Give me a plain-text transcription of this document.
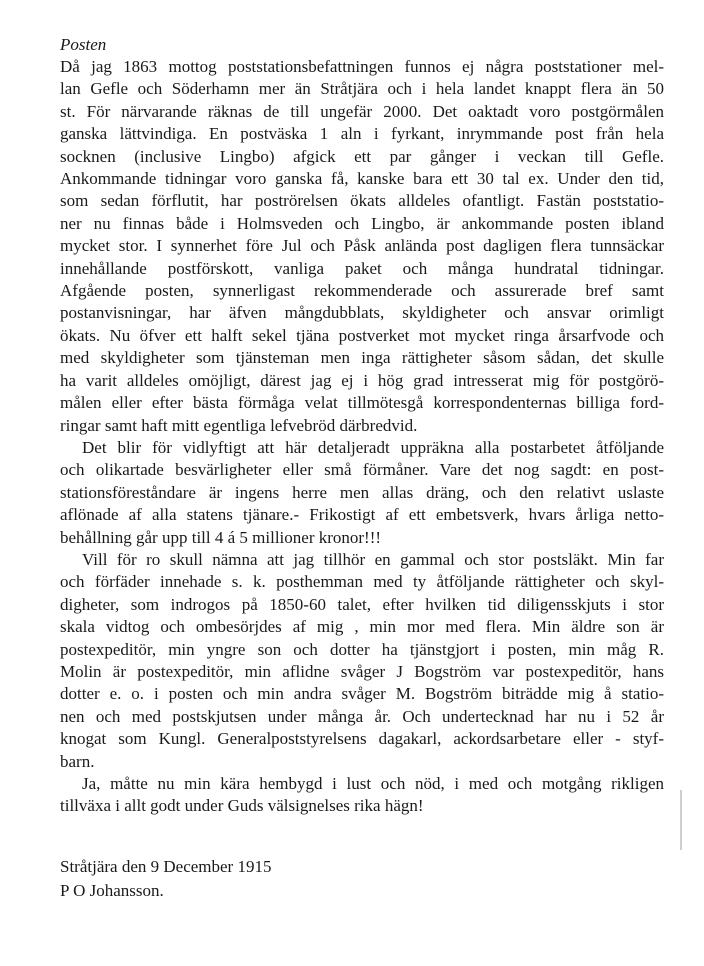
Posten
Då jag 1863 mottog poststationsbefattningen funnos ej några poststationer mel-
lan Gefle och Söderhamn mer än Stråtjära och i hela landet knappt flera än 50
st. För närvarande räknas de till ungefär 2000. Det oaktadt voro postgörmålen
ganska lättvindiga. En postväska 1 aln i fyrkant, inrymmande post från hela
socknen (inclusive Lingbo) afgick ett par gånger i veckan till Gefle.
Ankommande tidningar voro ganska få, kanske bara ett 30 tal ex. Under den tid,
som sedan förflutit, har poströrelsen ökats alldeles ofantligt. Fastän poststatio-
ner nu finnas både i Holmsveden och Lingbo, är ankommande posten ibland
mycket stor. I synnerhet före Jul och Påsk anlända post dagligen flera tunnsäckar
innehållande postförskott, vanliga paket och många hundratal tidningar.
Afgående posten, synnerligast rekommenderade och assurerade bref samt
postanvisningar, har äfven mångdubblats, skyldigheter och ansvar orimligt
ökats. Nu öfver ett halft sekel tjäna postverket mot mycket ringa årsarfvode och
med skyldigheter som tjänsteman men inga rättigheter såsom sådan, det skulle
ha varit alldeles omöjligt, därest jag ej i hög grad intresserat mig för postgörö-
målen eller efter bästa förmåga velat tillmötesgå korrespondenternas billiga ford-
ringar samt haft mitt egentliga lefvebröd därbredvid.
Det blir för vidlyftigt att här detaljeradt uppräkna alla postarbetet åtföljande
och olikartade besvärligheter eller små förmåner. Vare det nog sagdt: en post-
stationsföreståndare är ingens herre men allas dräng, och den relativt uslaste
aflönade af alla statens tjänare.- Frikostigt af ett embetsverk, hvars årliga netto-
behållning går upp till 4 á 5 millioner kronor!!!
Vill för ro skull nämna att jag tillhör en gammal och stor postsläkt. Min far
och förfäder innehade s. k. posthemman med ty åtföljande rättigheter och skyl-
digheter, som indrogos på 1850-60 talet, efter hvilken tid diligensskjuts i stor
skala vidtog och ombesörjdes af mig , min mor med flera. Min äldre son är
postexpeditör, min yngre son och dotter ha tjänstgjort i posten, min måg R.
Molin är postexpeditör, min aflidne svåger J Bogström var postexpeditör, hans
dotter e. o. i posten och min andra svåger M. Bogström biträdde mig å statio-
nen och med postskjutsen under många år. Och undertecknad har nu i 52 år
knogat som Kungl. Generalpoststyrelsens dagakarl, ackordsarbetare eller - styf-
barn.
Ja, måtte nu min kära hembygd i lust och nöd, i med och motgång rikligen
tillväxa i allt godt under Guds välsignelses rika hägn!
Stråtjära den 9 December 1915
P O Johansson.
